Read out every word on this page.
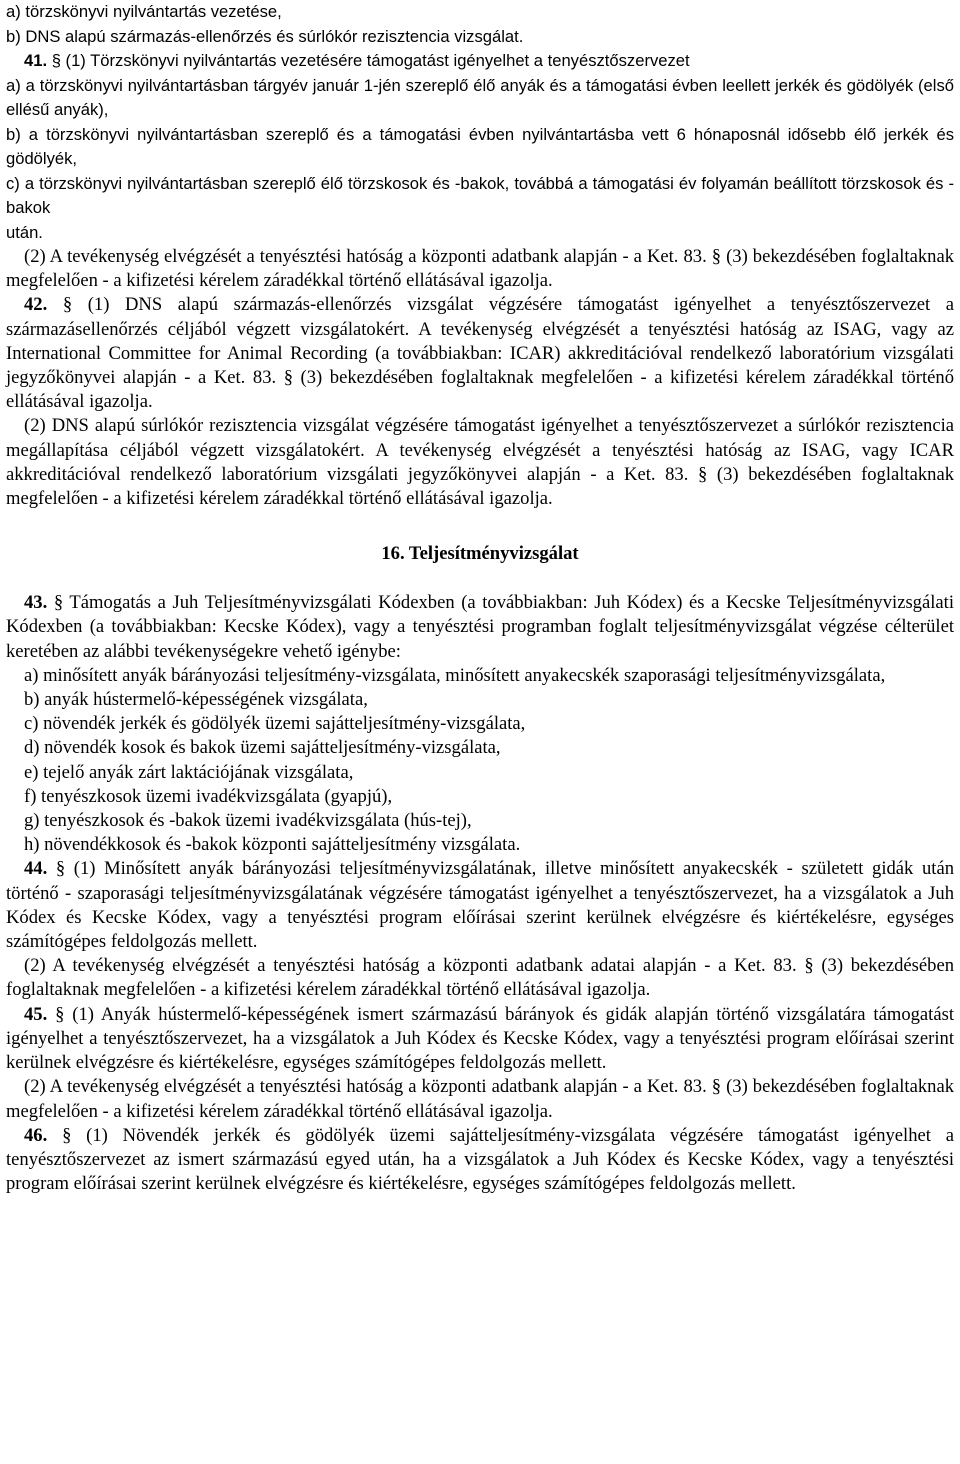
a) törzskönyvi nyilvántartás vezetése,

b) DNS alapú származás-ellenőrzés és súrlókór rezisztencia vizsgálat.

41. § (1) Törzskönyvi nyilvántartás vezetésére támogatást igényelhet a tenyésztőszervezet

a) a törzskönyvi nyilvántartásban tárgyév január 1-jén szereplő élő anyák és a támogatási évben leellett jerkék és gödölyék (első ellésű anyák),

b) a törzskönyvi nyilvántartásban szereplő és a támogatási évben nyilvántartásba vett 6 hónaposnál idősebb élő jerkék és gödölyék,

c) a törzskönyvi nyilvántartásban szereplő élő törzskosok és -bakok, továbbá a támogatási év folyamán beállított törzskosok és -bakok

után.

(2) A tevékenység elvégzését a tenyésztési hatóság a központi adatbank alapján - a Ket. 83. § (3) bekezdésében foglaltaknak megfelelően - a kifizetési kérelem záradékkal történő ellátásával igazolja.

42. § (1) DNS alapú származás-ellenőrzés vizsgálat végzésére támogatást igényelhet a tenyésztőszervezet a származásellenőrzés céljából végzett vizsgálatokért. A tevékenység elvégzését a tenyésztési hatóság az ISAG, vagy az International Committee for Animal Recording (a továbbiakban: ICAR) akkreditációval rendelkező laboratórium vizsgálati jegyzőkönyvei alapján - a Ket. 83. § (3) bekezdésében foglaltaknak megfelelően - a kifizetési kérelem záradékkal történő ellátásával igazolja.

(2) DNS alapú súrlókór rezisztencia vizsgálat végzésére támogatást igényelhet a tenyésztőszervezet a súrlókór rezisztencia megállapítása céljából végzett vizsgálatokért. A tevékenység elvégzését a tenyésztési hatóság az ISAG, vagy ICAR akkreditációval rendelkező laboratórium vizsgálati jegyzőkönyvei alapján - a Ket. 83. § (3) bekezdésében foglaltaknak megfelelően - a kifizetési kérelem záradékkal történő ellátásával igazolja.

16. Teljesítményvizsgálat

43. § Támogatás a Juh Teljesítményvizsgálati Kódexben (a továbbiakban: Juh Kódex) és a Kecske Teljesítményvizsgálati Kódexben (a továbbiakban: Kecske Kódex), vagy a tenyésztési programban foglalt teljesítményvizsgálat végzése célterület keretében az alábbi tevékenységekre vehető igénybe:

a) minősített anyák bárányozási teljesítmény-vizsgálata, minősített anyakecskék szaporasági teljesítményvizsgálata,

b) anyák hústermelő-képességének vizsgálata,

c) növendék jerkék és gödölyék üzemi sajátteljesítmény-vizsgálata,

d) növendék kosok és bakok üzemi sajátteljesítmény-vizsgálata,

e) tejelő anyák zárt laktációjának vizsgálata,

f) tenyészkosok üzemi ivadékvizsgálata (gyapjú),

g) tenyészkosok és -bakok üzemi ivadékvizsgálata (hús-tej),

h) növendékkosok és -bakok központi sajátteljesítmény vizsgálata.

44. § (1) Minősített anyák bárányozási teljesítményvizsgálatának, illetve minősített anyakecskék - született gidák után történő - szaporasági teljesítményvizsgálatának végzésére támogatást igényelhet a tenyésztőszervezet, ha a vizsgálatok a Juh Kódex és Kecske Kódex, vagy a tenyésztési program előírásai szerint kerülnek elvégzésre és kiértékelésre, egységes számítógépes feldolgozás mellett.

(2) A tevékenység elvégzését a tenyésztési hatóság a központi adatbank adatai alapján - a Ket. 83. § (3) bekezdésében foglaltaknak megfelelően - a kifizetési kérelem záradékkal történő ellátásával igazolja.

45. § (1) Anyák hústermelő-képességének ismert származású bárányok és gidák alapján történő vizsgálatára támogatást igényelhet a tenyésztőszervezet, ha a vizsgálatok a Juh Kódex és Kecske Kódex, vagy a tenyésztési program előírásai szerint kerülnek elvégzésre és kiértékelésre, egységes számítógépes feldolgozás mellett.

(2) A tevékenység elvégzését a tenyésztési hatóság a központi adatbank alapján - a Ket. 83. § (3) bekezdésében foglaltaknak megfelelően - a kifizetési kérelem záradékkal történő ellátásával igazolja.

46. § (1) Növendék jerkék és gödölyék üzemi sajátteljesítmény-vizsgálata végzésére támogatást igényelhet a tenyésztőszervezet az ismert származású egyed után, ha a vizsgálatok a Juh Kódex és Kecske Kódex, vagy a tenyésztési program előírásai szerint kerülnek elvégzésre és kiértékelésre, egységes számítógépes feldolgozás mellett.
